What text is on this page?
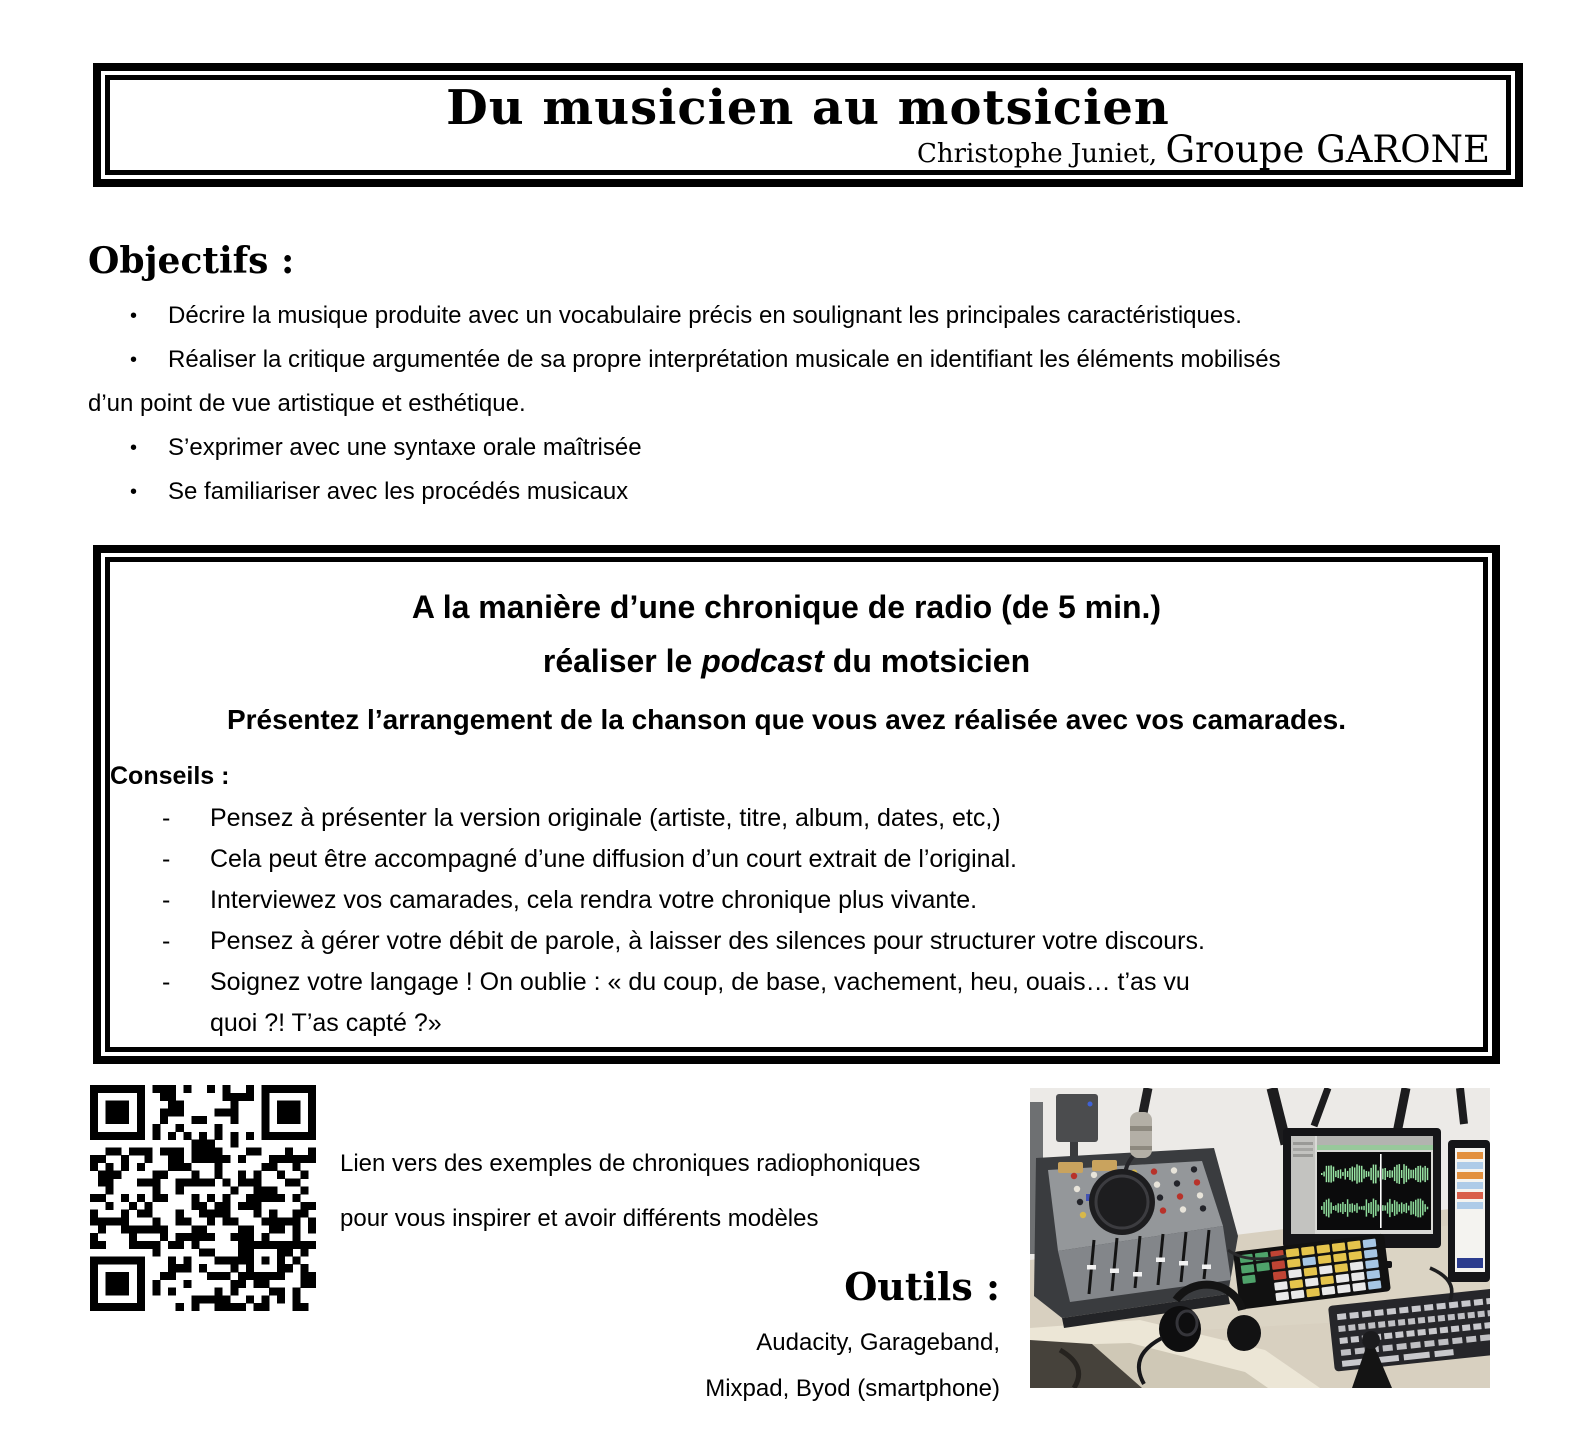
Du musicien au motsicien
Christophe Juniet, Groupe GARONE
Objectifs :
•	Décrire la musique produite avec un vocabulaire précis en soulignant les principales caractéristiques.
•	Réaliser la critique argumentée de sa propre interprétation musicale en identifiant les éléments mobilisés
d’un point de vue artistique et esthétique.
•	S’exprimer avec une syntaxe orale maîtrisée
•	Se familiariser avec les procédés musicaux
A la manière d’une chronique de radio (de 5 min.)
réaliser le podcast du motsicien
Présentez l’arrangement de la chanson que vous avez réalisée avec vos camarades.
Conseils :
-	Pensez à présenter la version originale (artiste, titre, album, dates, etc,)
-	Cela peut être accompagné d’une diffusion d’un court extrait de l’original.
-	Interviewez vos camarades, cela rendra votre chronique plus vivante.
-	Pensez à gérer votre débit de parole, à laisser des silences pour structurer votre discours.
-	Soignez votre langage ! On oublie : « du coup, de base, vachement, heu, ouais… t’as vu
quoi ?! T’as capté ?»
Lien vers des exemples de chroniques radiophoniques
pour vous inspirer et avoir différents modèles
Outils :
Audacity, Garageband,
Mixpad, Byod (smartphone)
